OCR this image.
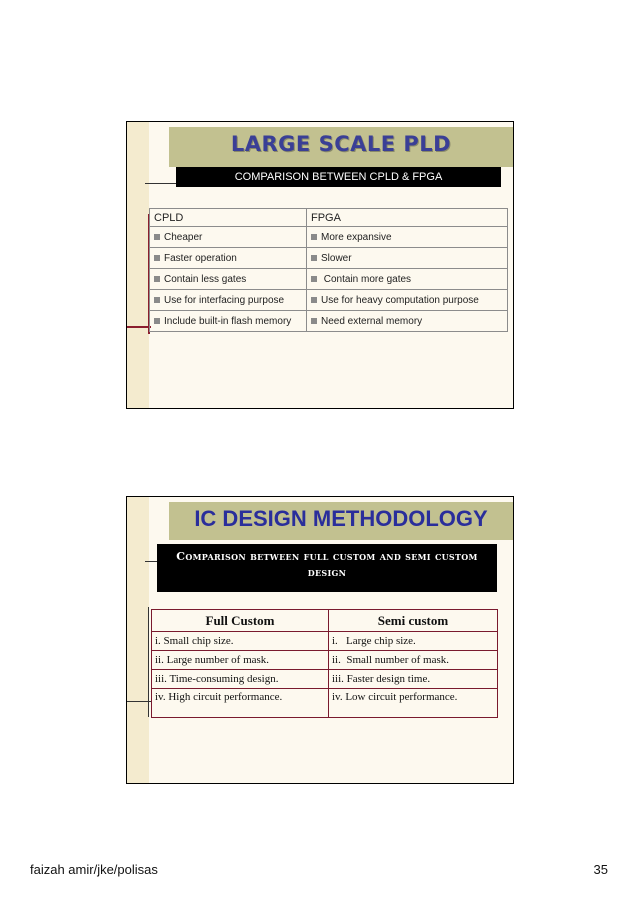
LARGE SCALE PLD
COMPARISON BETWEEN CPLD & FPGA
CPLD	FPGA
Cheaper	More expansive
Faster operation	Slower
Contain less gates	Contain more gates
Use for interfacing purpose	Use for heavy computation purpose
Include built-in flash memory	Need external memory
IC DESIGN METHODOLOGY
Comparison between full custom and semi custom design
Full Custom	Semi custom
i. Small chip size.	i.   Large chip size.
ii. Large number of mask.	ii.  Small number of mask.
iii. Time-consuming design.	iii. Faster design time.
iv. High circuit performance.	iv. Low circuit performance.
faizah amir/jke/polisas	35
